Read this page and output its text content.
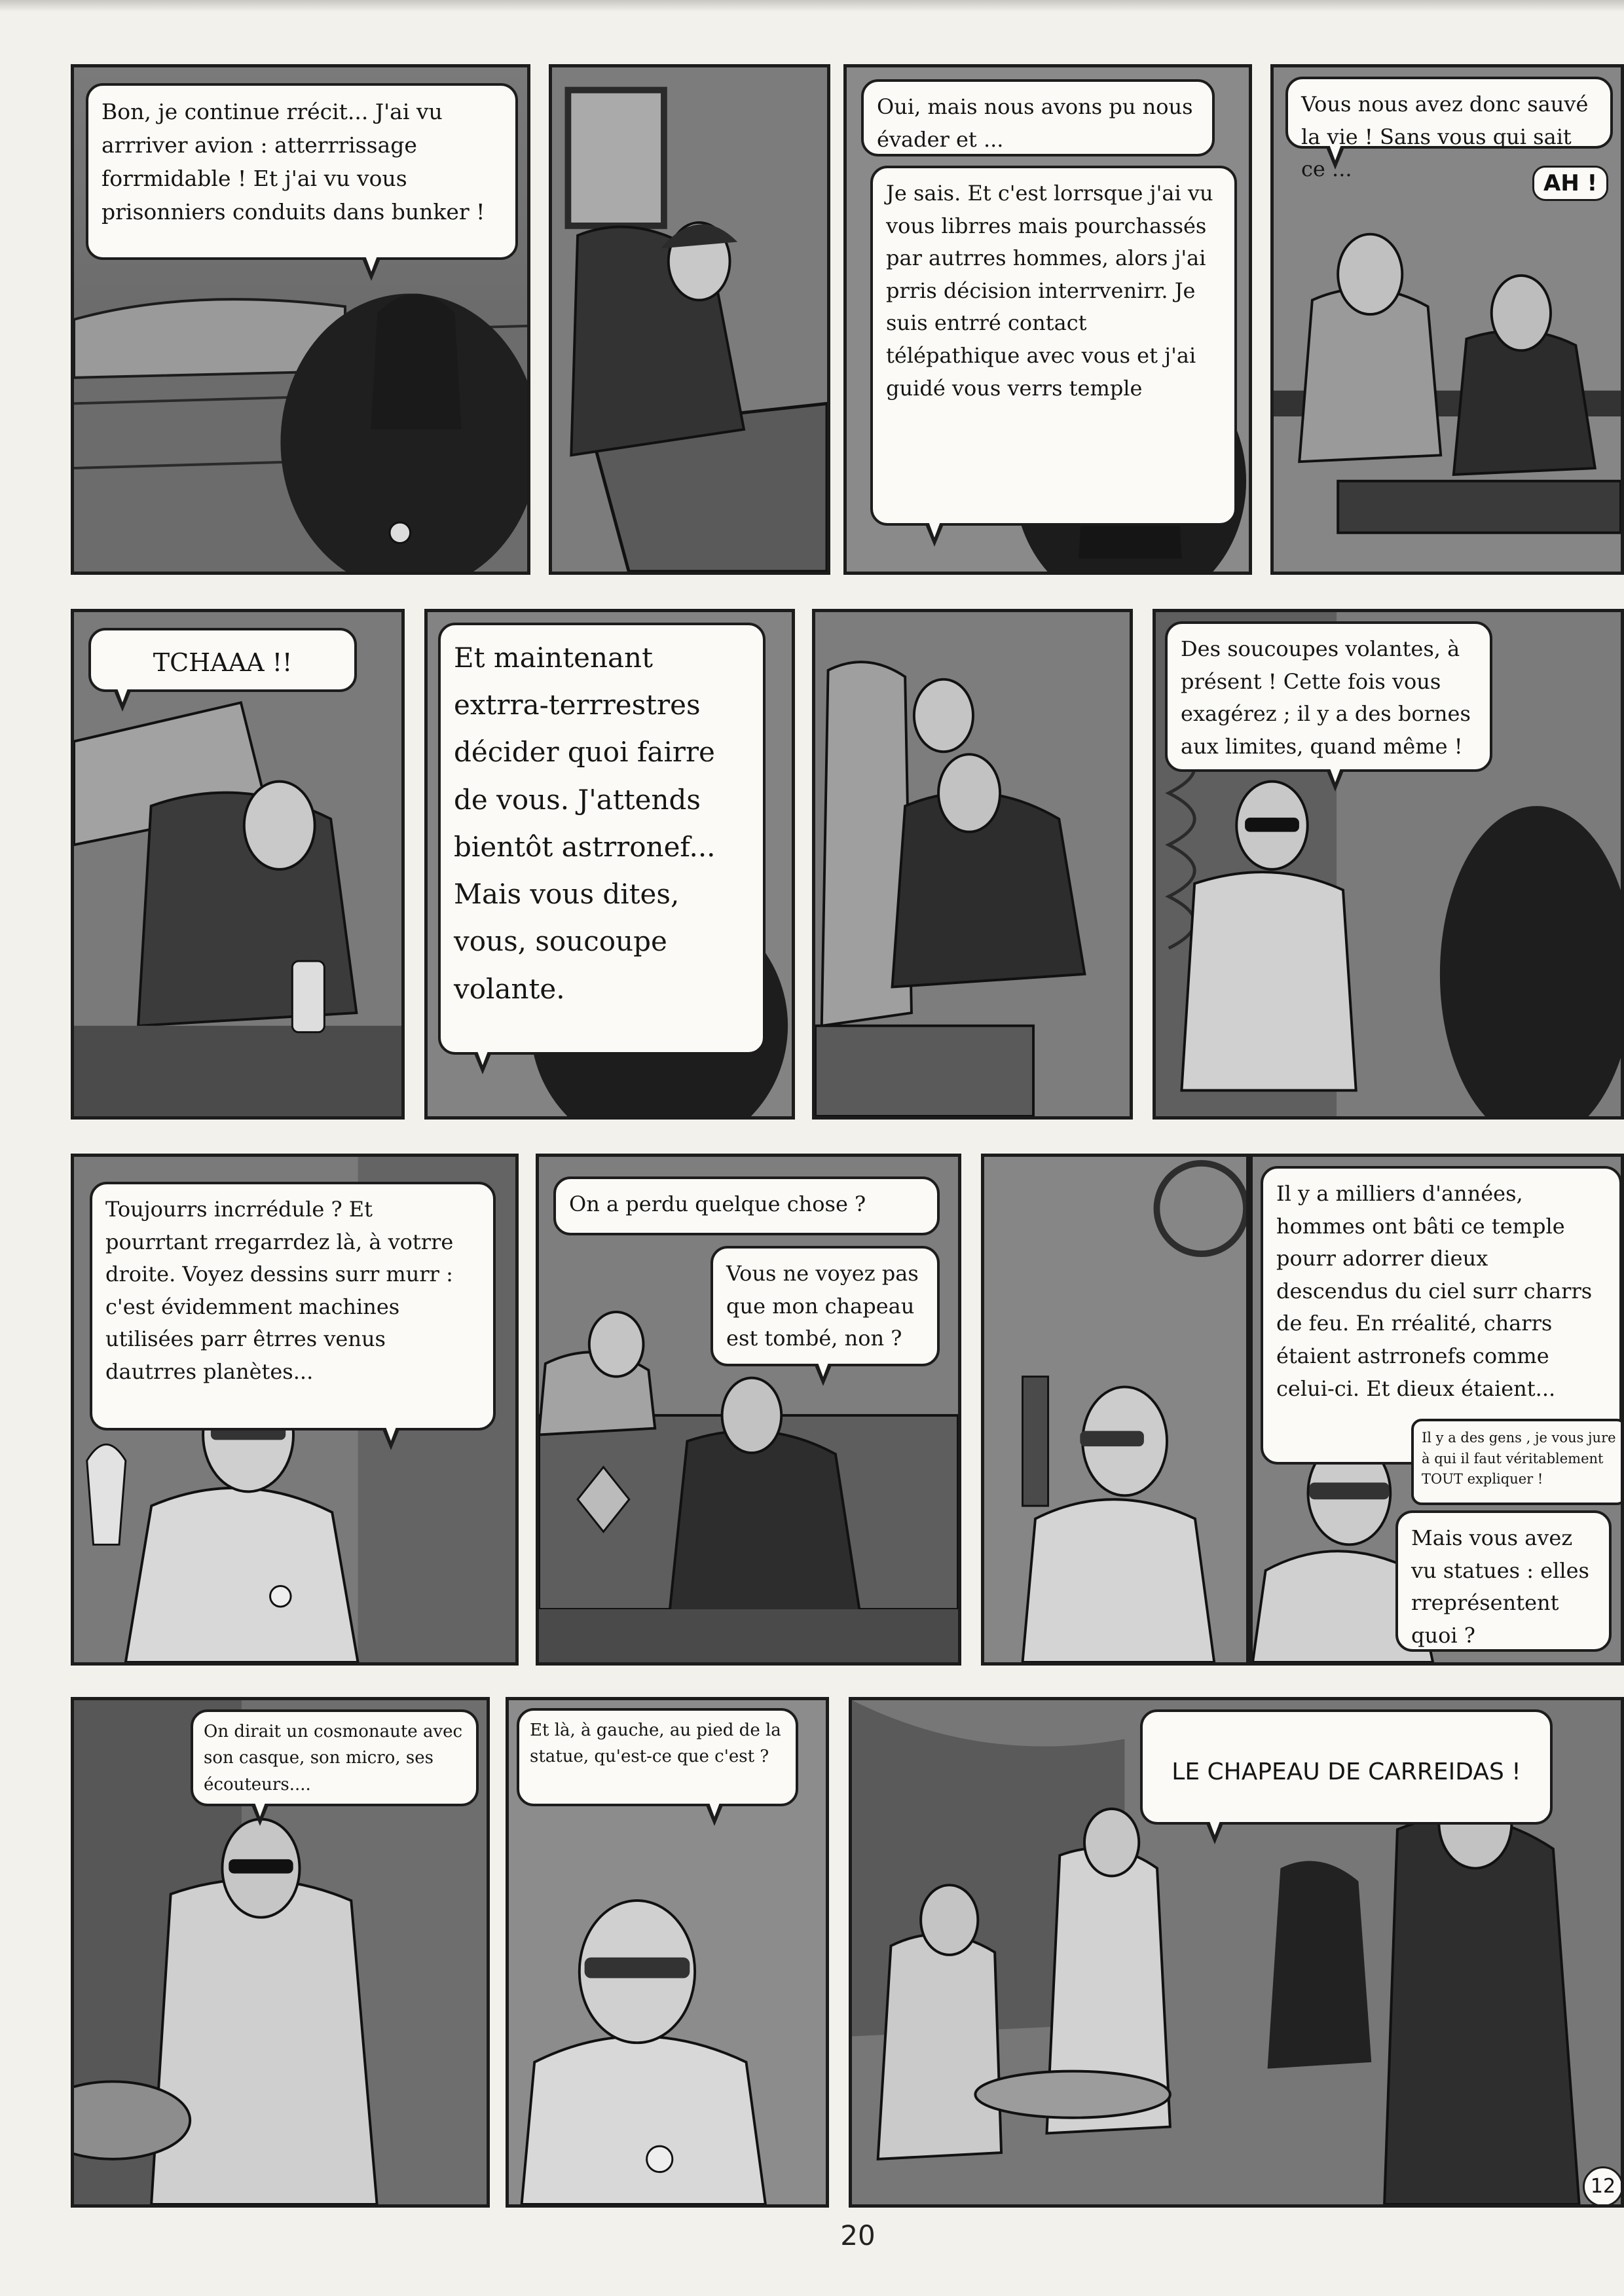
Bon, je continue rrécit... J'ai vu arrriver avion : atterrrissage forrmidable ! Et j'ai vu vous prisonniers conduits dans bunker !
Oui, mais nous avons pu nous évader et ...
Je sais. Et c'est lorrsque j'ai vu vous librres mais pourchassés par autrres hommes, alors j'ai prris décision interrvenirr. Je suis entrré contact télépathique avec vous et j'ai guidé vous verrs temple
Vous nous avez donc sauvé la vie ! Sans vous qui sait ce ...
AH !
TCHAAA !!	Et maintenant extrra-terrrestres décider quoi fairre de vous. J'attends bientôt astrronef... Mais vous dites, vous, soucoupe volante.
Des soucoupes volantes, à présent ! Cette fois vous exagérez ; il y a des bornes aux limites, quand même !
Toujourrs incrrédule ? Et pourrtant rregarrdez là, à votrre droite. Voyez dessins surr murr : c'est évidemment machines utilisées parr êtrres venus dautrres planètes...
On a perdu quelque chose ?
Vous ne voyez pas que mon chapeau est tombé, non ?
Il y a milliers d'années, hommes ont bâti ce temple pourr adorrer dieux descendus du ciel surr charrs de feu. En rréalité, charrs étaient astrronefs comme celui-ci. Et dieux étaient...
Il y a des gens , je vous jure à qui il faut véritablement TOUT expliquer !
Mais vous avez vu statues : elles rreprésentent quoi ?
On dirait un cosmonaute avec son casque, son micro, ses écouteurs....
Et là, à gauche, au pied de la statue, qu'est-ce que c'est ?
LE CHAPEAU DE CARREIDAS !
12
20
